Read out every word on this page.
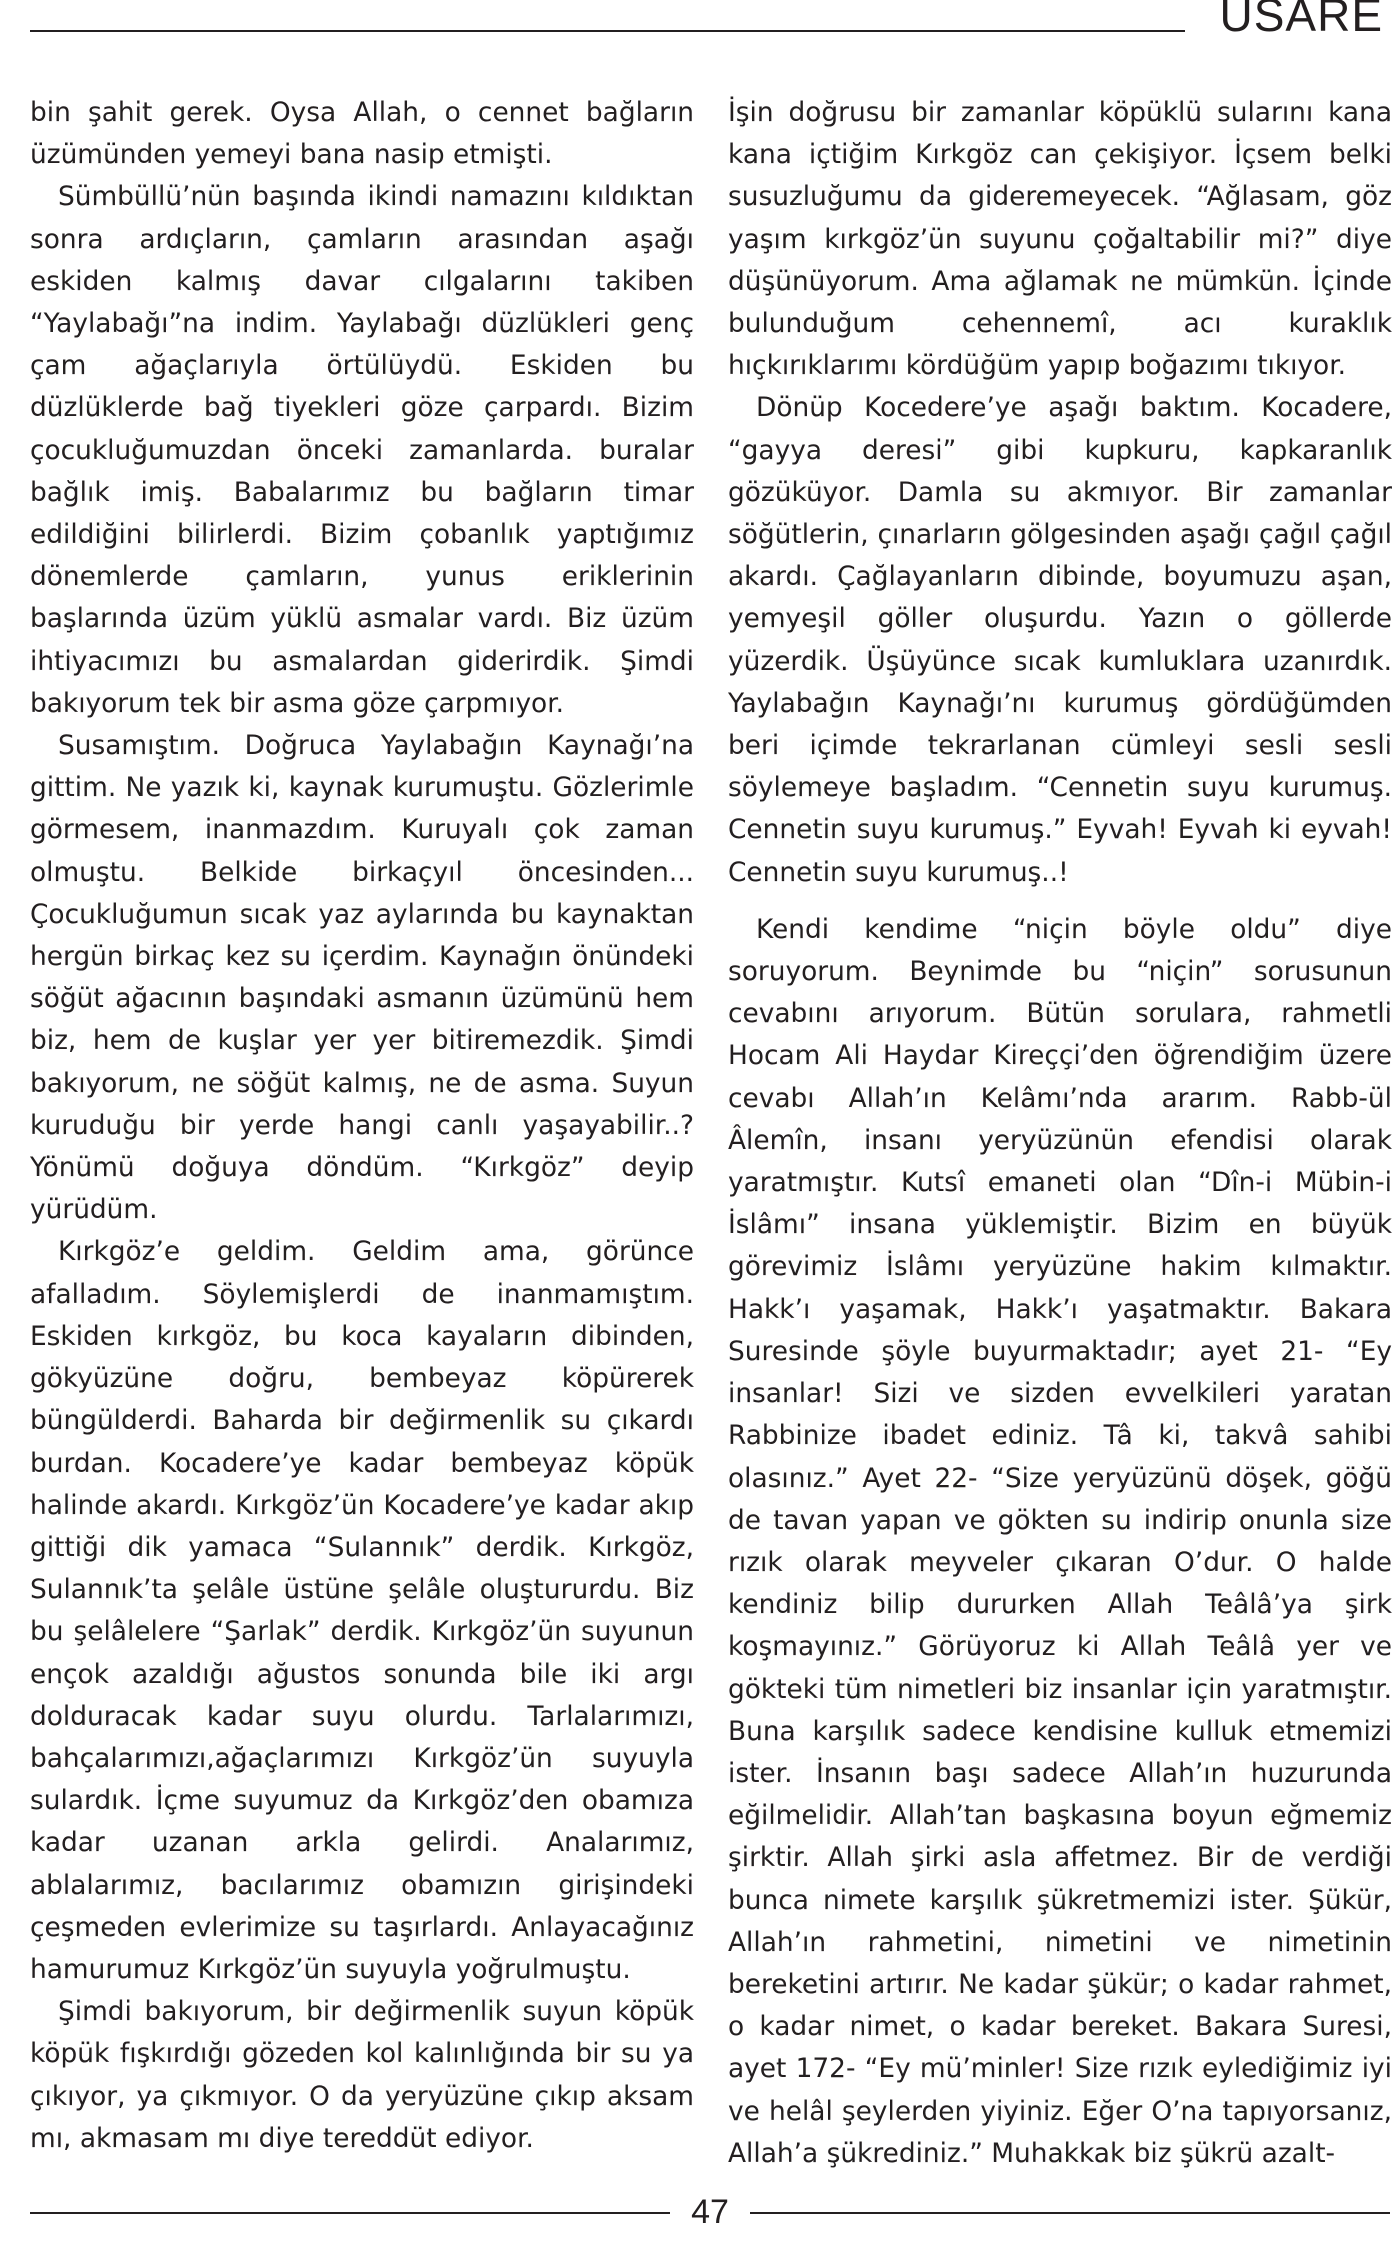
USARE

bin şahit gerek. Oysa Allah, o cennet bağların üzümünden yemeyi bana nasip etmişti.

Sümbüllü’nün başında ikindi namazını kıldıktan sonra ardıçların, çamların arasından aşağı eskiden kalmış davar cılgalarını takiben “Yaylabağı”na indim. Yaylabağı düzlükleri genç çam ağaçlarıyla örtülüydü. Eskiden bu düzlüklerde bağ tiyekleri göze çarpardı. Bizim çocukluğumuzdan önceki zamanlarda. buralar bağlık imiş. Babalarımız bu bağların timar edildiğini bilirlerdi. Bizim çobanlık yaptığımız dönemlerde çamların, yunus eriklerinin başlarında üzüm yüklü asmalar vardı. Biz üzüm ihtiyacımızı bu asmalardan giderirdik. Şimdi bakıyorum tek bir asma göze çarpmıyor.

Susamıştım. Doğruca Yaylabağın Kaynağı’na gittim. Ne yazık ki, kaynak kurumuştu. Gözlerimle görmesem, inanmazdım. Kuruyalı çok zaman olmuştu. Belkide birkaçyıl öncesinden... Çocukluğumun sıcak yaz aylarında bu kaynaktan hergün birkaç kez su içerdim. Kaynağın önündeki söğüt ağacının başındaki asmanın üzümünü hem biz, hem de kuşlar yer yer bitiremezdik. Şimdi bakıyorum, ne söğüt kalmış, ne de asma. Suyun kuruduğu bir yerde hangi canlı yaşayabilir..?Yönümü doğuya döndüm. “Kırkgöz” deyip yürüdüm.

Kırkgöz’e geldim. Geldim ama, görünce afalladım. Söylemişlerdi de inanmamıştım. Eskiden kırkgöz, bu koca kayaların dibinden, gökyüzüne doğru, bembeyaz köpürerek büngülderdi. Baharda bir değirmenlik su çıkardı burdan. Kocadere’ye kadar bembeyaz köpük halinde akardı. Kırkgöz’ün Kocadere’ye kadar akıp gittiği dik yamaca “Sulannık” derdik. Kırkgöz, Sulannık’ta şelâle üstüne şelâle oluştururdu. Biz bu şelâlelere “Şarlak” derdik. Kırkgöz’ün suyunun ençok azaldığı ağustos sonunda bile iki argı dolduracak kadar suyu olurdu. Tarlalarımızı, bahçalarımızı,ağaçlarımızı Kırkgöz’ün suyuyla sulardık. İçme suyumuz da Kırkgöz’den obamıza kadar uzanan arkla gelirdi. Analarımız, ablalarımız, bacılarımız obamızın girişindeki çeşmeden evlerimize su taşırlardı. Anlayacağınız hamurumuz Kırkgöz’ün suyuyla yoğrulmuştu.

Şimdi bakıyorum, bir değirmenlik suyun köpük köpük fışkırdığı gözeden kol kalınlığında bir su ya çıkıyor, ya çıkmıyor. O da yeryüzüne çıkıp aksam mı, akmasam mı diye tereddüt ediyor.

İşin doğrusu bir zamanlar köpüklü sularını kana kana içtiğim Kırkgöz can çekişiyor. İçsem belki susuzluğumu da gideremeyecek. “Ağlasam, göz yaşım kırkgöz’ün suyunu çoğaltabilir mi?” diye düşünüyorum. Ama ağlamak ne mümkün. İçinde bulunduğum cehennemî, acı kuraklık hıçkırıklarımı kördüğüm yapıp boğazımı tıkıyor.

Dönüp Kocedere’ye aşağı baktım. Kocadere, “gayya deresi” gibi kupkuru, kapkaranlık gözüküyor. Damla su akmıyor. Bir zamanlar söğütlerin, çınarların gölgesinden aşağı çağıl çağıl akardı. Çağlayanların dibinde, boyumuzu aşan, yemyeşil göller oluşurdu. Yazın o göllerde yüzerdik. Üşüyünce sıcak kumluklara uzanırdık. Yaylabağın Kaynağı’nı kurumuş gördüğümden beri içimde tekrarlanan cümleyi sesli sesli söylemeye başladım. “Cennetin suyu kurumuş. Cennetin suyu kurumuş.” Eyvah! Eyvah ki eyvah! Cennetin suyu kurumuş..!

Kendi kendime “niçin böyle oldu” diye soruyorum. Beynimde bu “niçin” sorusunun cevabını arıyorum. Bütün sorulara, rahmetli Hocam Ali Haydar Kireççi’den öğrendiğim üzere cevabı Allah’ın Kelâmı’nda ararım. Rabb-ül Âlemîn, insanı yeryüzünün efendisi olarak yaratmıştır. Kutsî emaneti olan “Dîn-i Mübin-i İslâmı” insana yüklemiştir. Bizim en büyük görevimiz İslâmı yeryüzüne hakim kılmaktır. Hakk’ı yaşamak, Hakk’ı yaşatmaktır. Bakara Suresinde şöyle buyurmaktadır; ayet 21- “Ey insanlar! Sizi ve sizden evvelkileri yaratan Rabbinize ibadet ediniz. Tâ ki, takvâ sahibi olasınız.” Ayet 22- “Size yeryüzünü döşek, göğü de tavan yapan ve gökten su indirip onunla size rızık olarak meyveler çıkaran O’dur. O halde kendiniz bilip dururken Allah Teâlâ’ya şirk koşmayınız.” Görüyoruz ki Allah Teâlâ yer ve gökteki tüm nimetleri biz insanlar için yaratmıştır. Buna karşılık sadece kendisine kulluk etmemizi ister. İnsanın başı sadece Allah’ın huzurunda eğilmelidir. Allah’tan başkasına boyun eğmemiz şirktir. Allah şirki asla affetmez. Bir de verdiği bunca nimete karşılık şükretmemizi ister. Şükür, Allah’ın rahmetini, nimetini ve nimetinin bereketini artırır. Ne kadar şükür; o kadar rahmet, o kadar nimet, o kadar bereket. Bakara Suresi, ayet 172- “Ey mü’minler! Size rızık eylediğimiz iyi ve helâl şeylerden yiyiniz. Eğer O’na tapıyorsanız, Allah’a şükrediniz.” Muhakkak biz şükrü azalt-

47
